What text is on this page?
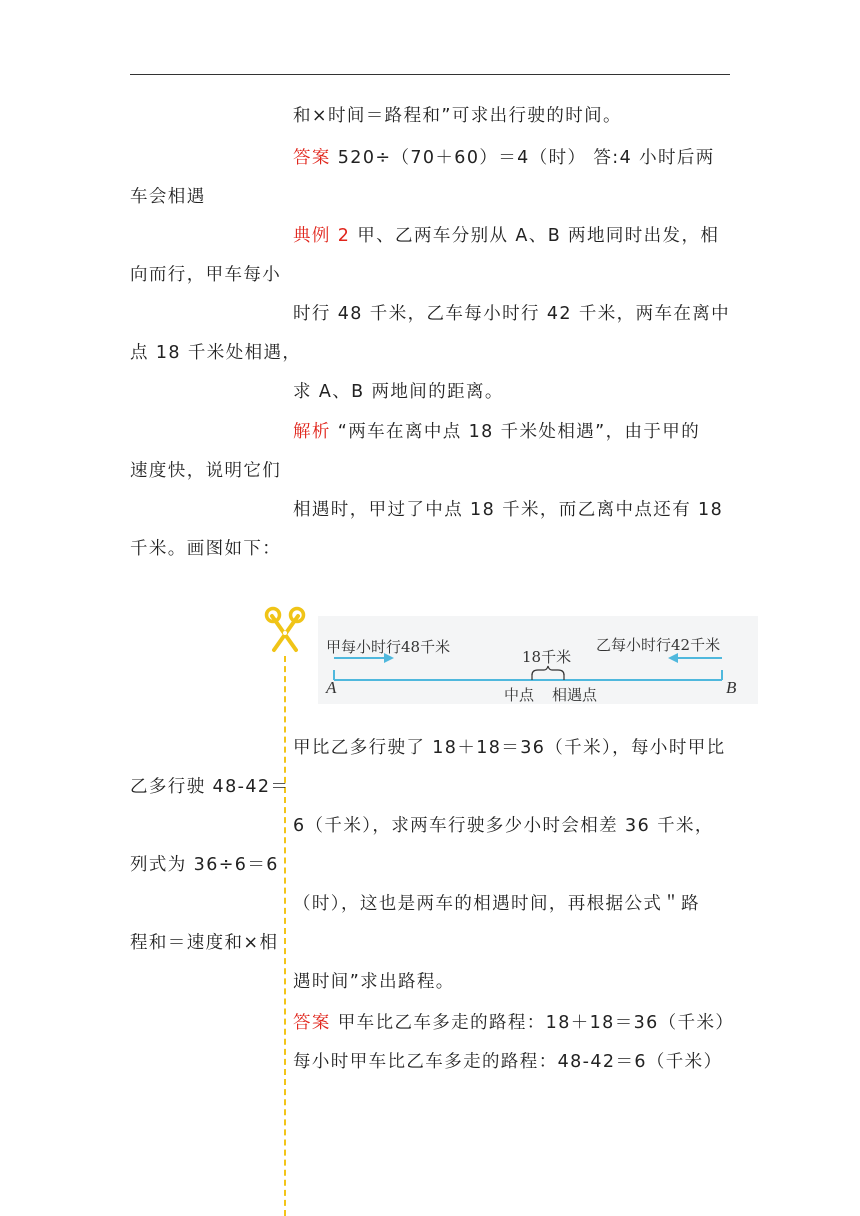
和×时间＝路程和”可求出行驶的时间。
答案 520÷（70＋60）＝4（时） 答:4 小时后两
车会相遇
典例 2 甲、乙两车分别从 A、B 两地同时出发，相
向而行，甲车每小
时行 48 千米，乙车每小时行 42 千米，两车在离中
点 18 千米处相遇，
求 A、B 两地间的距离。
解析 “两车在离中点 18 千米处相遇”，由于甲的
速度快，说明它们
相遇时，甲过了中点 18 千米，而乙离中点还有 18
千米。画图如下：
甲每小时行48千米	乙每小时行42千米
18千米
A	B
中点 相遇点
甲比乙多行驶了 18＋18＝36（千米），每小时甲比
乙多行驶 48-42＝
6（千米），求两车行驶多少小时会相差 36 千米，
列式为 36÷6＝6
（时），这也是两车的相遇时间，再根据公式＂路
程和＝速度和×相
遇时间”求出路程。
答案 甲车比乙车多走的路程：18＋18＝36（千米）
每小时甲车比乙车多走的路程：48-42＝6（千米）
